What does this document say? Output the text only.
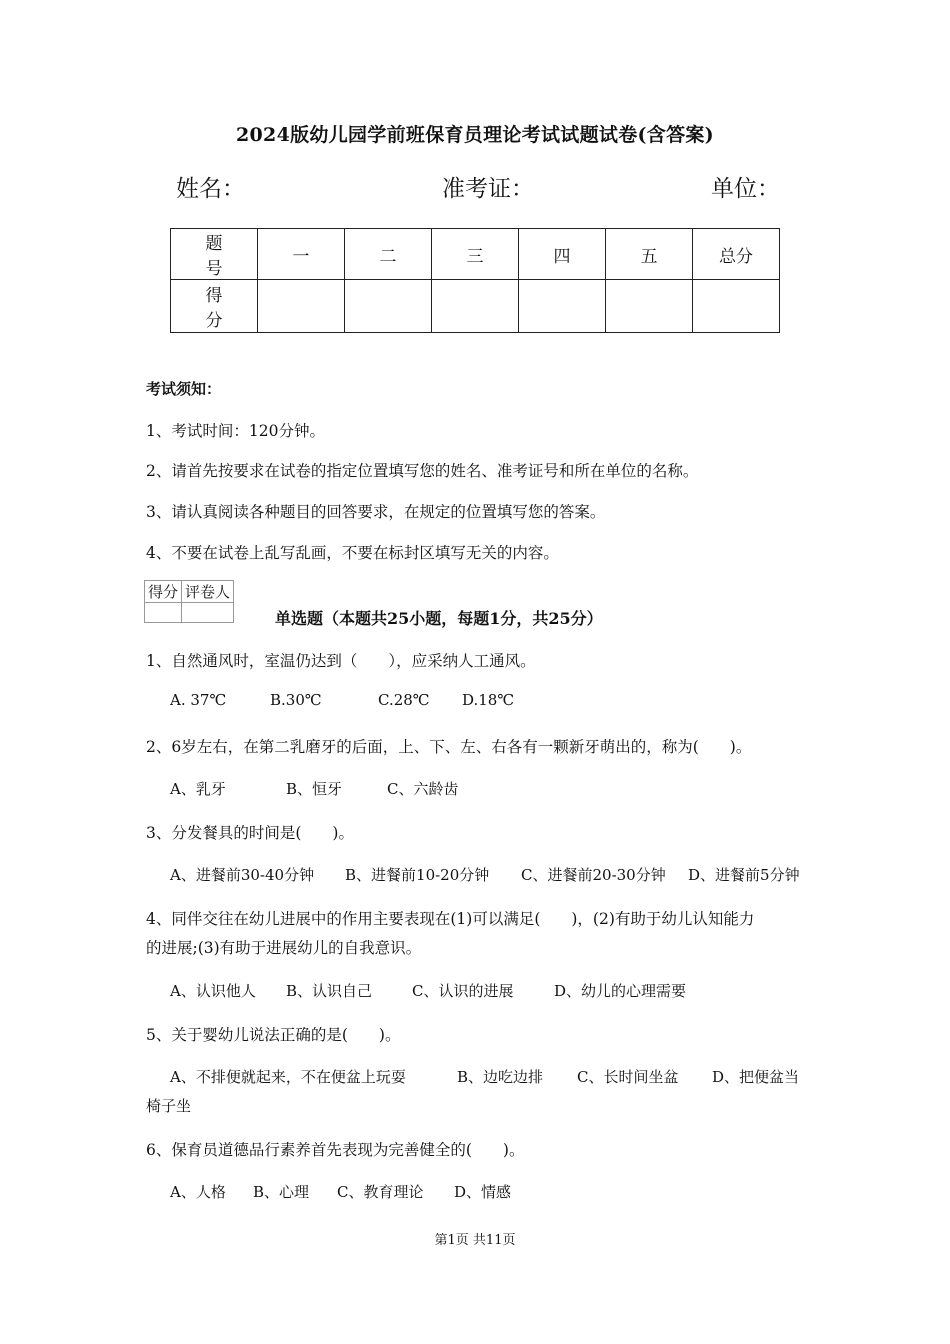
2024版幼儿园学前班保育员理论考试试题试卷(含答案)
姓名：	准考证：	单位：
题 号	一	二	三	四	五	总分
得 分						
考试须知：
1、考试时间：120分钟。
2、请首先按要求在试卷的指定位置填写您的姓名、准考证号和所在单位的名称。
3、请认真阅读各种题目的回答要求，在规定的位置填写您的答案。
4、不要在试卷上乱写乱画，不要在标封区填写无关的内容。
得分	评卷人

单选题（本题共25小题，每题1分，共25分）
1、自然通风时，室温仍达到（　　），应采纳人工通风。
A. 37℃	B.30℃	C.28℃ D.18℃
2、6岁左右，在第二乳磨牙的后面，上、下、左、右各有一颗新牙萌出的，称为(　　)。
A、乳牙	B、恒牙	C、六龄齿
3、分发餐具的时间是(　　)。
A、进餐前30-40分钟 B、进餐前10-20分钟 C、进餐前20-30分钟 D、进餐前5分钟
4、同伴交往在幼儿进展中的作用主要表现在(1)可以满足(　　)，(2)有助于幼儿认知能力
的进展;(3)有助于进展幼儿的自我意识。
A、认识他人 B、认识自己	C、认识的进展	D、幼儿的心理需要
5、关于婴幼儿说法正确的是(　　)。
A、不排便就起来，不在便盆上玩耍	B、边吃边排 C、长时间坐盆 D、把便盆当
椅子坐
6、保育员道德品行素养首先表现为完善健全的(　　)。
A、人格 B、心理 C、教育理论 D、情感
第1页 共11页
